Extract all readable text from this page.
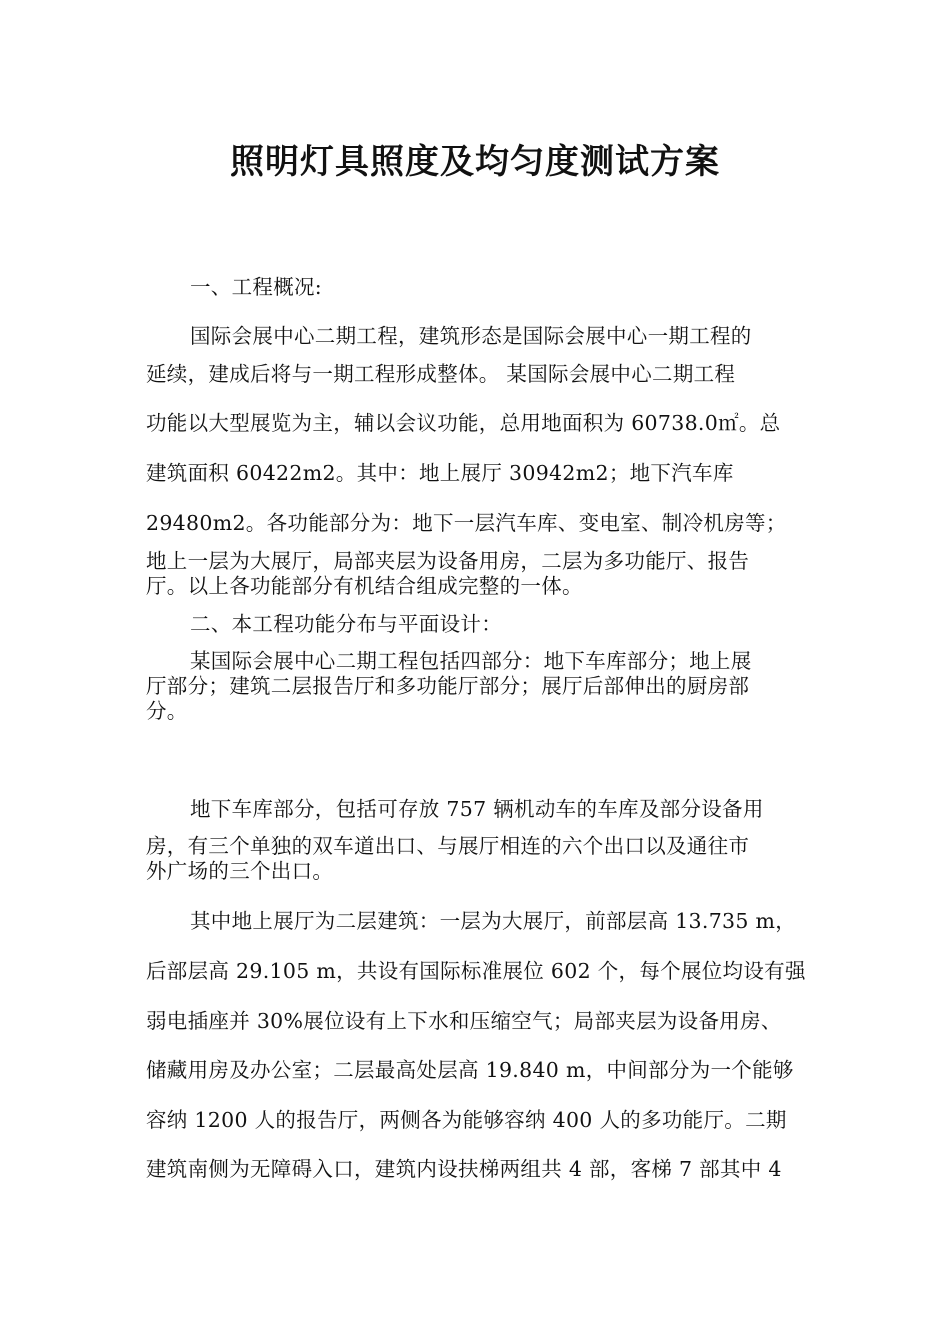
照明灯具照度及均匀度测试方案
一、工程概况:
国际会展中心二期工程，建筑形态是国际会展中心一期工程的
延续，建成后将与一期工程形成整体。 某国际会展中心二期工程
功能以大型展览为主，辅以会议功能，总用地面积为 60738.0㎡。总
建筑面积 60422m2。其中：地上展厅 30942m2；地下汽车库
29480m2。各功能部分为：地下一层汽车库、变电室、制冷机房等；
地上一层为大展厅，局部夹层为设备用房，二层为多功能厅、报告
厅。以上各功能部分有机结合组成完整的一体。
二、本工程功能分布与平面设计：
某国际会展中心二期工程包括四部分：地下车库部分；地上展
厅部分；建筑二层报告厅和多功能厅部分；展厅后部伸出的厨房部
分。
地下车库部分，包括可存放 757 辆机动车的车库及部分设备用
房，有三个单独的双车道出口、与展厅相连的六个出口以及通往市
外广场的三个出口。
其中地上展厅为二层建筑：一层为大展厅，前部层高 13.735 m，
后部层高 29.105 m，共设有国际标准展位 602 个，每个展位均设有强
弱电插座并 30%展位设有上下水和压缩空气；局部夹层为设备用房、
储藏用房及办公室；二层最高处层高 19.840 m，中间部分为一个能够
容纳 1200 人的报告厅，两侧各为能够容纳 400 人的多功能厅。二期
建筑南侧为无障碍入口，建筑内设扶梯两组共 4 部，客梯 7 部其中 4
